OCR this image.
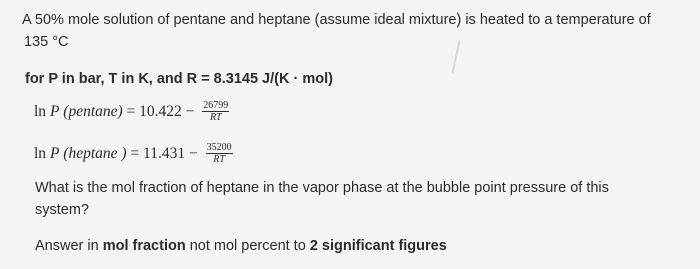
A 50% mole solution of pentane and heptane (assume ideal mixture) is heated to a temperature of
135 °C
for P in bar, T in K, and R = 8.3145 J/(K · mol)
ln P $(pentane) = 10.422 - \frac{26799}{RT}$
ln P (heptane ) = $11.431 - \frac{35200}{RT}$
What is the mol fraction of heptane in the vapor phase at the bubble point pressure of this
system?
Answer in mol fraction not mol percent to 2 significant figures
